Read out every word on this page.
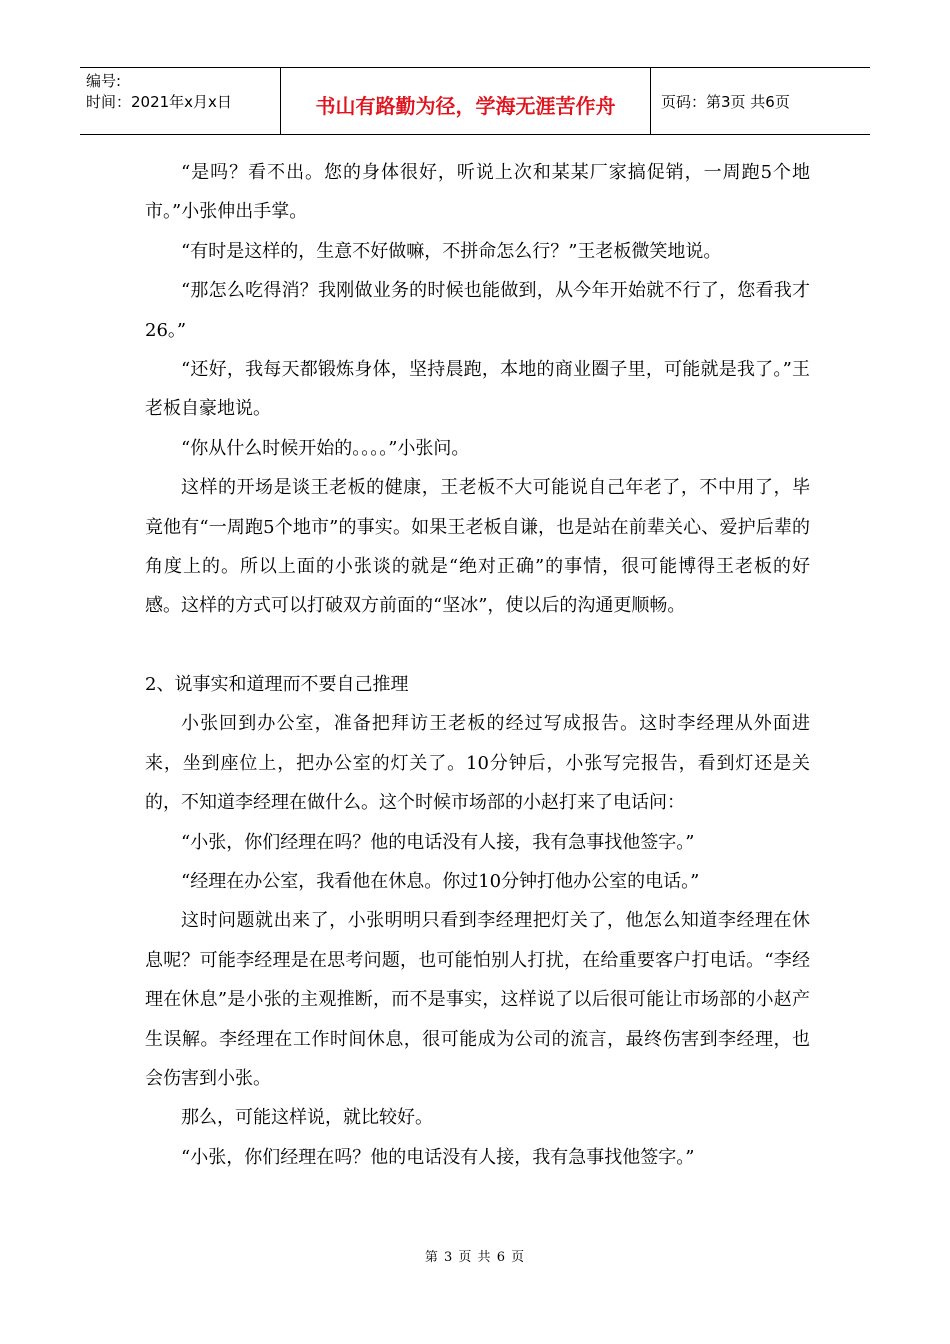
编号:
时间：2021年x月x日	书山有路勤为径，学海无涯苦作舟	页码：第3页 共6页

“是吗？看不出。您的身体很好，听说上次和某某厂家搞促销，一周跑5个地市。”小张伸出手掌。

“有时是这样的，生意不好做嘛，不拼命怎么行？”王老板微笑地说。

“那怎么吃得消？我刚做业务的时候也能做到，从今年开始就不行了，您看我才26。”

“还好，我每天都锻炼身体，坚持晨跑，本地的商业圈子里，可能就是我了。”王老板自豪地说。

“你从什么时候开始的。。。。”小张问。

这样的开场是谈王老板的健康，王老板不大可能说自己年老了，不中用了，毕竟他有“一周跑5个地市”的事实。如果王老板自谦，也是站在前辈关心、爱护后辈的角度上的。所以上面的小张谈的就是“绝对正确”的事情，很可能博得王老板的好感。这样的方式可以打破双方前面的“坚冰”，使以后的沟通更顺畅。

2、说事实和道理而不要自己推理

小张回到办公室，准备把拜访王老板的经过写成报告。这时李经理从外面进来，坐到座位上，把办公室的灯关了。10分钟后，小张写完报告，看到灯还是关的，不知道李经理在做什么。这个时候市场部的小赵打来了电话问：

“小张，你们经理在吗？他的电话没有人接，我有急事找他签字。”

“经理在办公室，我看他在休息。你过10分钟打他办公室的电话。”

这时问题就出来了，小张明明只看到李经理把灯关了，他怎么知道李经理在休息呢？可能李经理是在思考问题，也可能怕别人打扰，在给重要客户打电话。“李经理在休息”是小张的主观推断，而不是事实，这样说了以后很可能让市场部的小赵产生误解。李经理在工作时间休息，很可能成为公司的流言，最终伤害到李经理，也会伤害到小张。

那么，可能这样说，就比较好。

“小张，你们经理在吗？他的电话没有人接，我有急事找他签字。”

第 3 页 共 6 页
